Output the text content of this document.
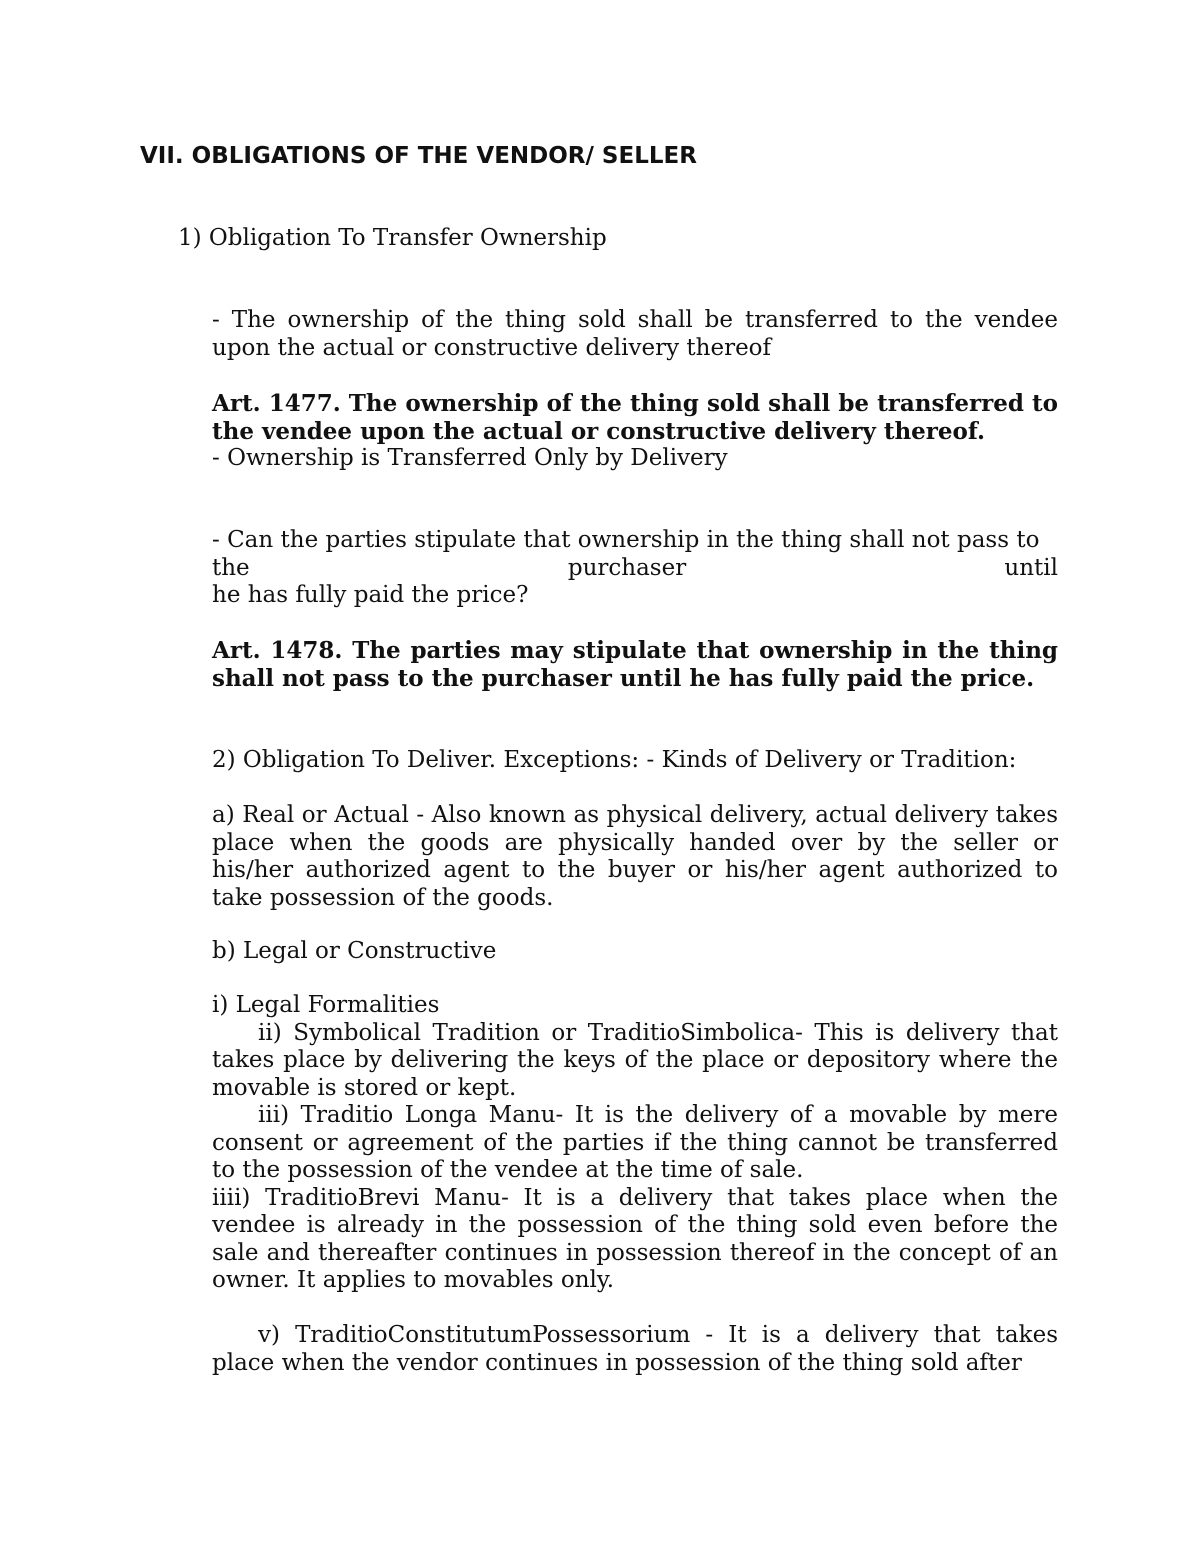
VII. OBLIGATIONS OF THE VENDOR/ SELLER
1) Obligation To Transfer Ownership

- The ownership of the thing sold shall be transferred to the vendee upon the actual or constructive delivery thereof

Art. 1477. The ownership of the thing sold shall be transferred to the vendee upon the actual or constructive delivery thereof.

- Ownership is Transferred Only by Delivery

- Can the parties stipulate that ownership in the thing shall not pass to
the	purchaser	until
he has fully paid the price?

Art. 1478. The parties may stipulate that ownership in the thing shall not pass to the purchaser until he has fully paid the price.

2) Obligation To Deliver. Exceptions: - Kinds of Delivery or Tradition:

a) Real or Actual - Also known as physical delivery, actual delivery takes place when the goods are physically handed over by the seller or his/her authorized agent to the buyer or his/her agent authorized to take possession of the goods.

b) Legal or Constructive

i) Legal Formalities
ii) Symbolical Tradition or TraditioSimbolica- This is delivery that takes place by delivering the keys of the place or depository where the movable is stored or kept.
iii) Traditio Longa Manu- It is the delivery of a movable by mere consent or agreement of the parties if the thing cannot be transferred to the possession of the vendee at the time of sale.
iiii) TraditioBrevi Manu- It is a delivery that takes place when the vendee is already in the possession of the thing sold even before the sale and thereafter continues in possession thereof in the concept of an owner. It applies to movables only.

v) TraditioConstitutumPossessorium - It is a delivery that takes place when the vendor continues in possession of the thing sold after
